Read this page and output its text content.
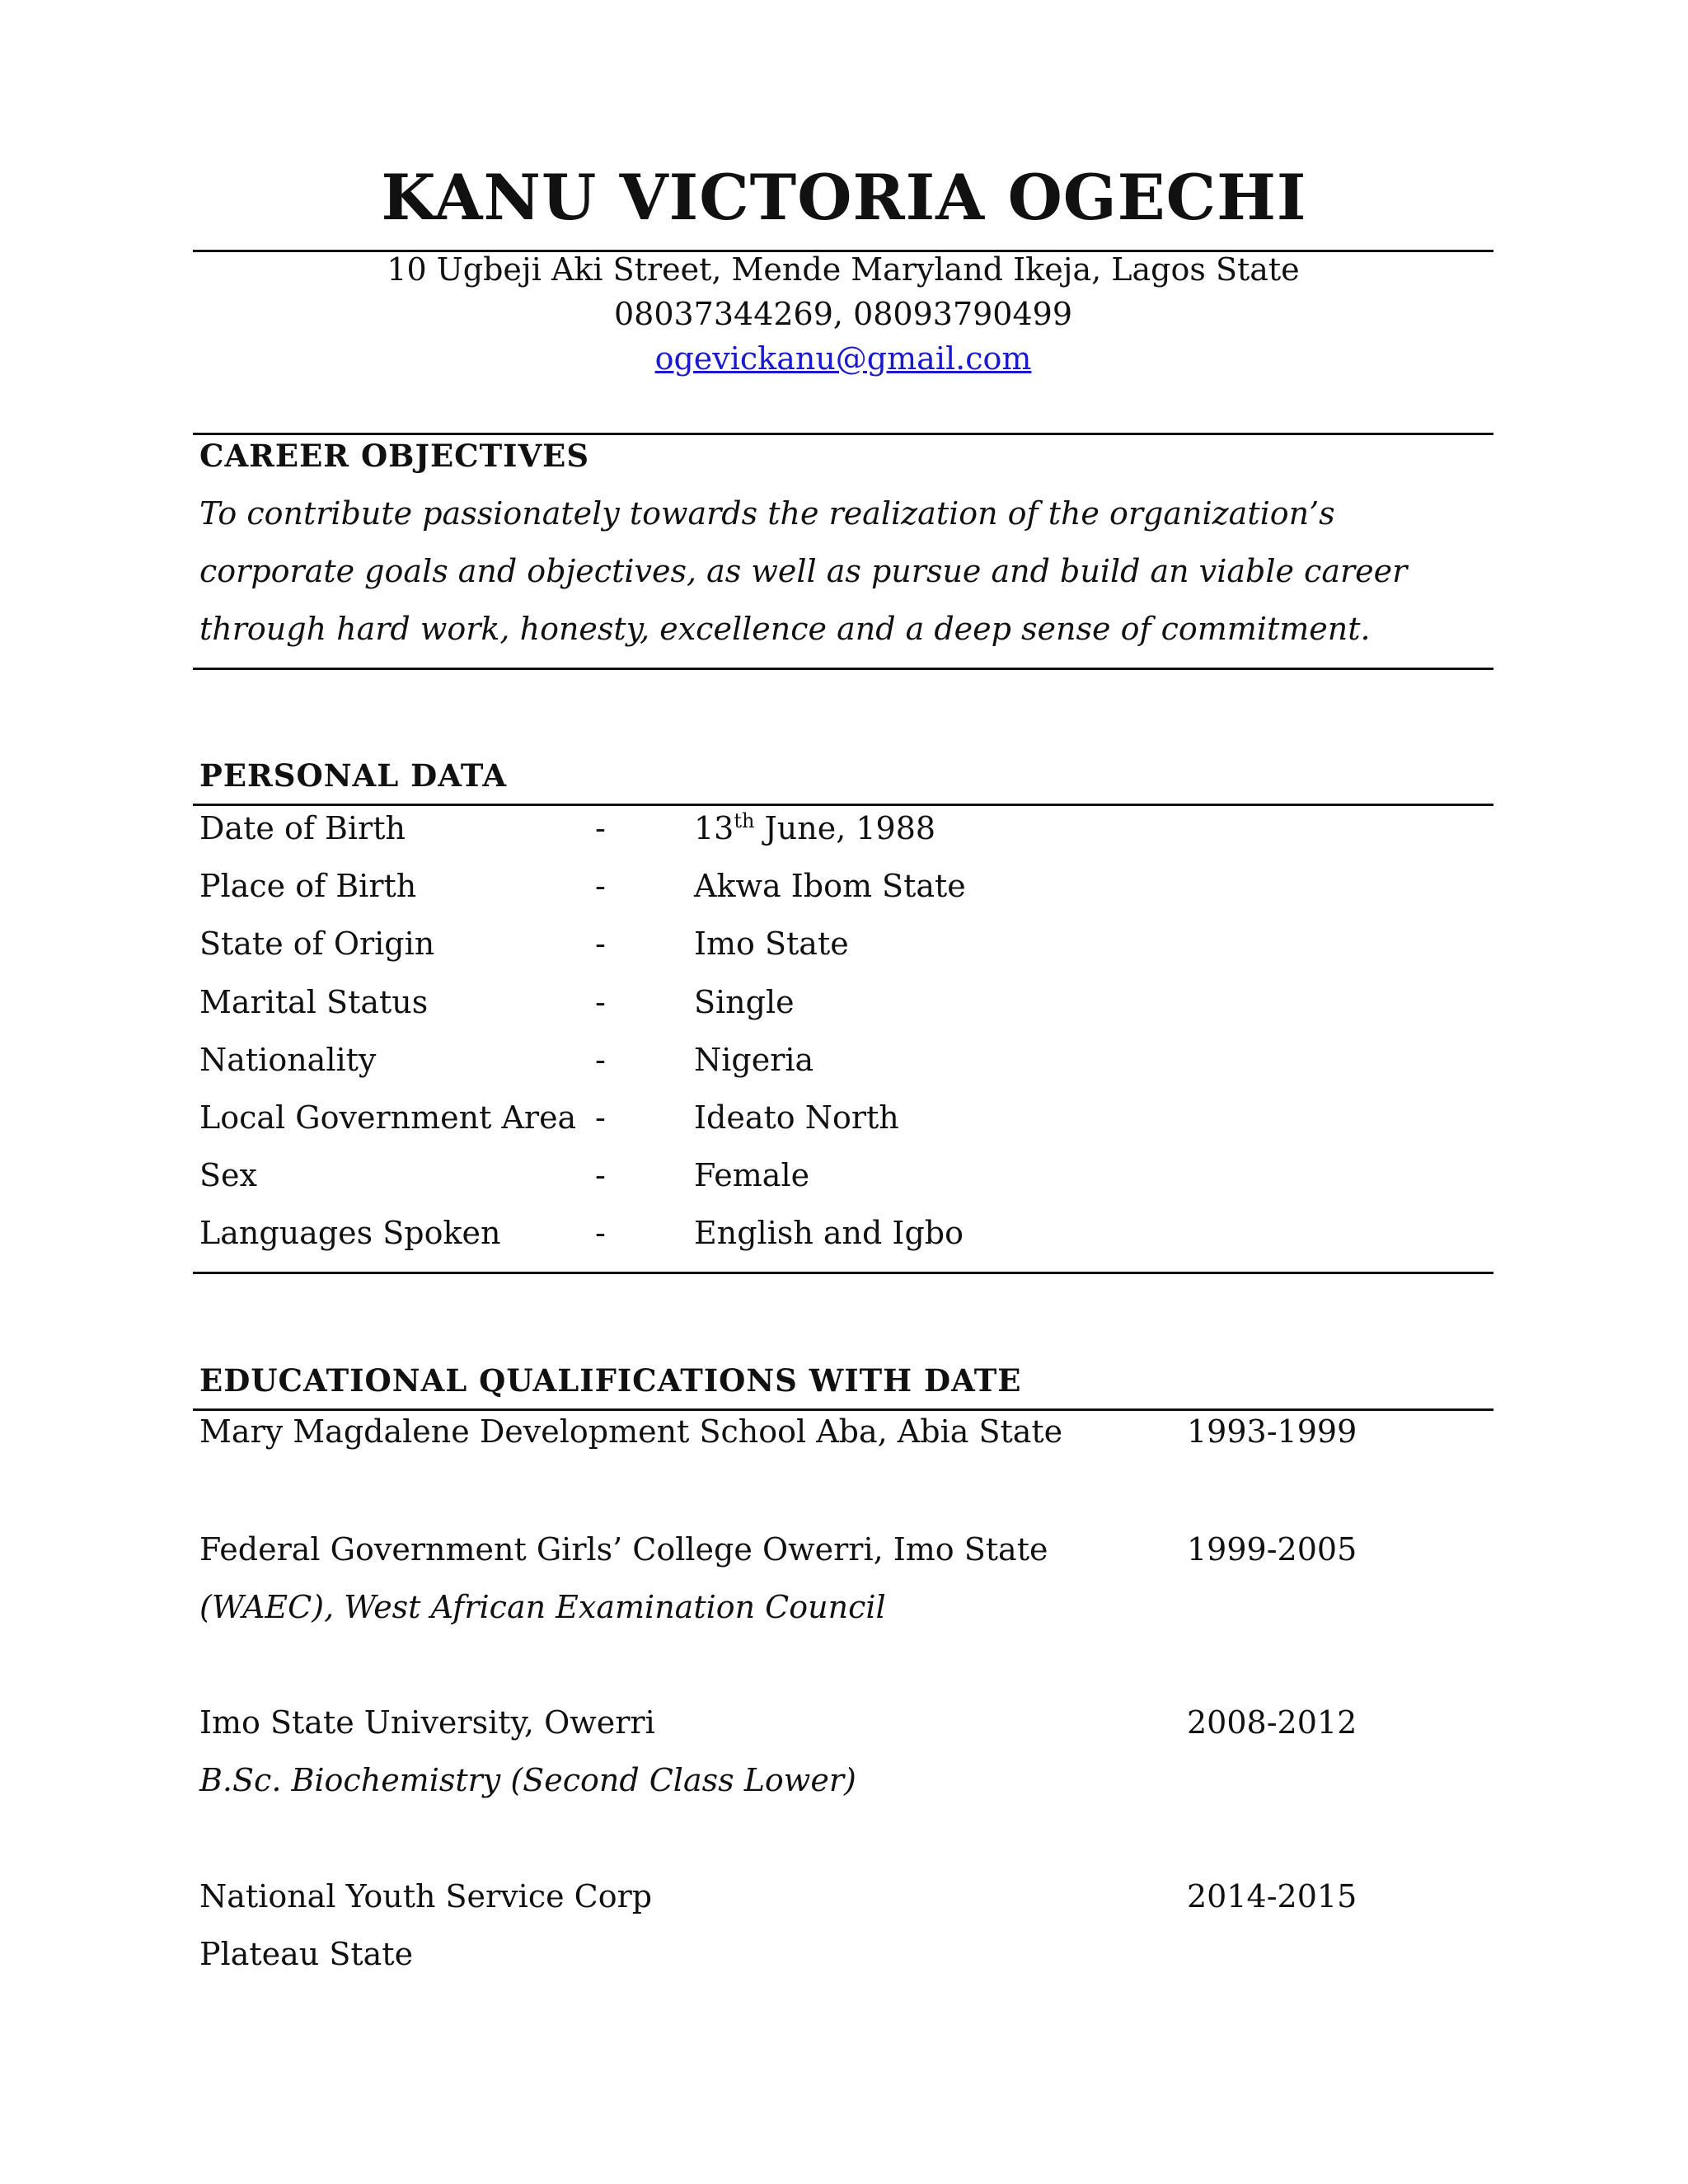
KANU VICTORIA OGECHI
10 Ugbeji Aki Street, Mende Maryland Ikeja, Lagos State
08037344269, 08093790499
ogevickanu@gmail.com
CAREER OBJECTIVES
To contribute passionately towards the realization of the organization’s corporate goals and objectives, as well as pursue and build an viable career through hard work, honesty, excellence and a deep sense of commitment.
PERSONAL DATA
Date of Birth	-	13th June, 1988
Place of Birth	-	Akwa Ibom State
State of Origin	-	Imo State
Marital Status	-	Single
Nationality	-	Nigeria
Local Government Area -	Ideato North
Sex	-	Female
Languages Spoken	-	English and Igbo
EDUCATIONAL QUALIFICATIONS WITH DATE
Mary Magdalene Development School Aba, Abia State	1993-1999
Federal Government Girls’ College Owerri, Imo State	1999-2005
(WAEC), West African Examination Council
Imo State University, Owerri	2008-2012
B.Sc. Biochemistry (Second Class Lower)
National Youth Service Corp	2014-2015
Plateau State
